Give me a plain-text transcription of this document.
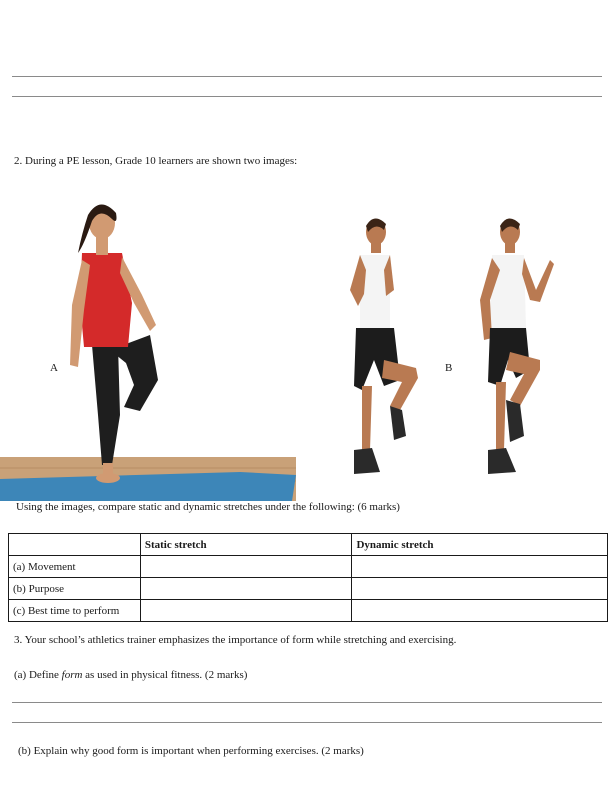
2. During a PE lesson, Grade 10 learners are shown two images:
A	B
Using the images, compare static and dynamic stretches under the following: (6 marks)
	Static stretch	Dynamic stretch
(a) Movement		
(b) Purpose		
(c) Best time to perform		
3. Your school’s athletics trainer emphasizes the importance of form while stretching and exercising.
(a) Define form as used in physical fitness. (2 marks)
(b) Explain why good form is important when performing exercises. (2 marks)
